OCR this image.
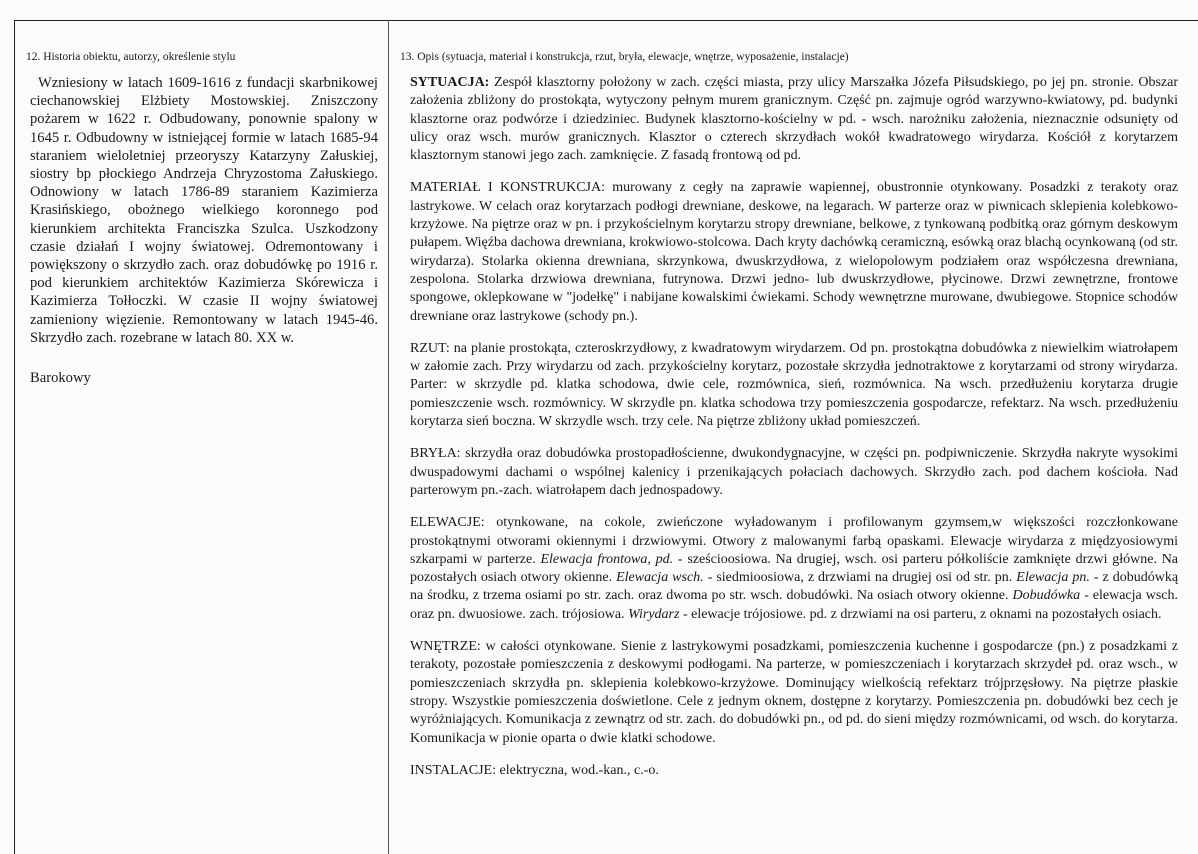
12. Historia obiektu, autorzy, określenie stylu

Wzniesiony w latach 1609-1616 z fundacji skarbnikowej ciechanowskiej Elżbiety Mostowskiej. Zniszczony pożarem w 1622 r. Odbudowany, ponownie spalony w 1645 r. Odbudowny w istniejącej formie w latach 1685-94 staraniem wieloletniej przeoryszy Katarzyny Załuskiej, siostry bp płockiego Andrzeja Chryzostoma Załuskiego. Odnowiony w latach 1786-89 staraniem Kazimierza Krasińskiego, obożnego wielkiego koronnego pod kierunkiem architekta Franciszka Szulca. Uszkodzony czasie działań I wojny światowej. Odremontowany i powiększony o skrzydło zach. oraz dobudówkę po 1916 r. pod kierunkiem architektów Kazimierza Skórewicza i Kazimierza Tołłoczki. W czasie II wojny światowej zamieniony więzienie. Remontowany w latach 1945-46. Skrzydło zach. rozebrane w latach 80. XX w.

Barokowy
13. Opis (sytuacja, materiał i konstrukcja, rzut, bryła, elewacje, wnętrze, wyposażenie, instalacje)
SYTUACJA: Zespół klasztorny położony w zach. części miasta, przy ulicy Marszałka Józefa Piłsudskiego, po jej pn. stronie. Obszar założenia zbliżony do prostokąta, wytyczony pełnym murem granicznym. Część pn. zajmuje ogród warzywno-kwiatowy, pd. budynki klasztorne oraz podwórze i dziedziniec. Budynek klasztorno-kościelny w pd. - wsch. narożniku założenia, nieznacznie odsunięty od ulicy oraz wsch. murów granicznych. Klasztor o czterech skrzydłach wokół kwadratowego wirydarza. Kościół z korytarzem klasztornym stanowi jego zach. zamknięcie. Z fasadą frontową od pd.
MATERIAŁ I KONSTRUKCJA: murowany z cegły na zaprawie wapiennej, obustronnie otynkowany. Posadzki z terakoty oraz lastrykowe. W celach oraz korytarzach podłogi drewniane, deskowe, na legarach. W parterze oraz w piwnicach sklepienia kolebkowo-krzyżowe. Na piętrze oraz w pn. i przykościelnym korytarzu stropy drewniane, belkowe, z tynkowaną podbitką oraz górnym deskowym pułapem. Więźba dachowa drewniana, krokwiowo-stolcowa. Dach kryty dachówką ceramiczną, esówką oraz blachą ocynkowaną (od str. wirydarza). Stolarka okienna drewniana, skrzynkowa, dwuskrzydłowa, z wielopolowym podziałem oraz współczesna drewniana, zespolona. Stolarka drzwiowa drewniana, futrynowa. Drzwi jedno- lub dwuskrzydłowe, płycinowe. Drzwi zewnętrzne, frontowe spongowe, oklepkowane w "jodełkę" i nabijane kowalskimi ćwiekami. Schody wewnętrzne murowane, dwubiegowe. Stopnice schodów drewniane oraz lastrykowe (schody pn.).
RZUT: na planie prostokąta, czteroskrzydłowy, z kwadratowym wirydarzem. Od pn. prostokątna dobudówka z niewielkim wiatrołapem w załomie zach. Przy wirydarzu od zach. przykościelny korytarz, pozostałe skrzydła jednotraktowe z korytarzami od strony wirydarza. Parter: w skrzydle pd. klatka schodowa, dwie cele, rozmównica, sień, rozmównica. Na wsch. przedłużeniu korytarza drugie pomieszczenie wsch. rozmównicy. W skrzydle pn. klatka schodowa trzy pomieszczenia gospodarcze, refektarz. Na wsch. przedłużeniu korytarza sień boczna. W skrzydle wsch. trzy cele. Na piętrze zbliżony układ pomieszczeń.
BRYŁA: skrzydła oraz dobudówka prostopadłościenne, dwukondygnacyjne, w części pn. podpiwniczenie. Skrzydła nakryte wysokimi dwuspadowymi dachami o wspólnej kalenicy i przenikających połaciach dachowych. Skrzydło zach. pod dachem kościoła. Nad parterowym pn.-zach. wiatrołapem dach jednospadowy.
ELEWACJE: otynkowane, na cokole, zwieńczone wyładowanym i profilowanym gzymsem,w większości rozczłonkowane prostokątnymi otworami okiennymi i drzwiowymi. Otwory z malowanymi farbą opaskami. Elewacje wirydarza z międzyosiowymi szkarpami w parterze. Elewacja frontowa, pd. - sześcioosiowa. Na drugiej, wsch. osi parteru półkoliście zamknięte drzwi główne. Na pozostałych osiach otwory okienne. Elewacja wsch. - siedmioosiowa, z drzwiami na drugiej osi od str. pn. Elewacja pn. - z dobudówką na środku, z trzema osiami po str. zach. oraz dwoma po str. wsch. dobudówki. Na osiach otwory okienne. Dobudówka - elewacja wsch. oraz pn. dwuosiowe. zach. trójosiowa. Wirydarz - elewacje trójosiowe. pd. z drzwiami na osi parteru, z oknami na pozostałych osiach.
WNĘTRZE: w całości otynkowane. Sienie z lastrykowymi posadzkami, pomieszczenia kuchenne i gospodarcze (pn.) z posadzkami z terakoty, pozostałe pomieszczenia z deskowymi podłogami. Na parterze, w pomieszczeniach i korytarzach skrzydeł pd. oraz wsch., w pomieszczeniach skrzydła pn. sklepienia kolebkowo-krzyżowe. Dominujący wielkością refektarz trójprzęsłowy. Na piętrze płaskie stropy. Wszystkie pomieszczenia doświetlone. Cele z jednym oknem, dostępne z korytarzy. Pomieszczenia pn. dobudówki bez cech je wyróżniających. Komunikacja z zewnątrz od str. zach. do dobudówki pn., od pd. do sieni między rozmównicami, od wsch. do korytarza. Komunikacja w pionie oparta o dwie klatki schodowe.
INSTALACJE: elektryczna, wod.-kan., c.-o.
